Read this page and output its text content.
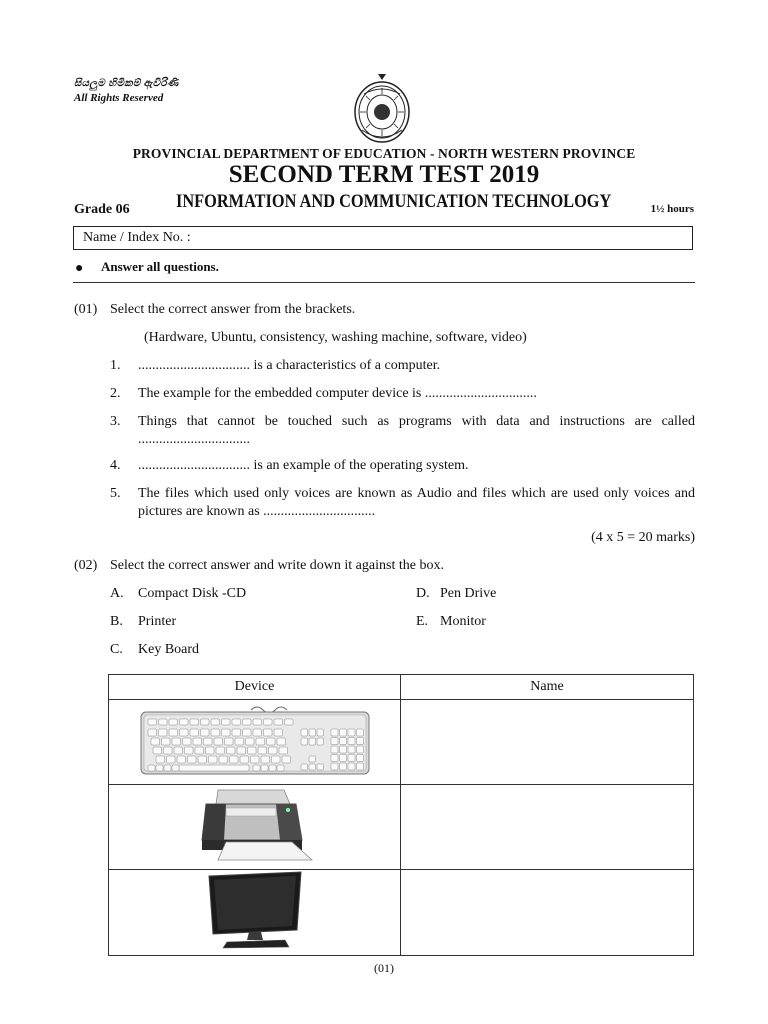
සියලුම හිමිකම් ඇවිරිණි
All Rights Reserved
PROVINCIAL DEPARTMENT OF EDUCATION - NORTH WESTERN PROVINCE
SECOND TERM TEST 2019
Grade 06 INFORMATION AND COMMUNICATION TECHNOLOGY	1½ hours
Name / Index No. :
● Answer all questions.
(01) Select the correct answer from the brackets.
(Hardware, Ubuntu, consistency, washing machine, software, video)
1. ................................ is a characteristics of a computer.
2. The example for the embedded computer device is ................................
3. Things that cannot be touched such as programs with data and instructions are called ................................
4. ................................ is an example of the operating system.
5. The files which used only voices are known as Audio and files which are used only voices and pictures are known as ................................
(4 x 5 = 20 marks)
(02) Select the correct answer and write down it against the box.
A. Compact Disk -CD
B. Printer
C. Key Board
D. Pen Drive
E. Monitor
Device	Name

(01)
